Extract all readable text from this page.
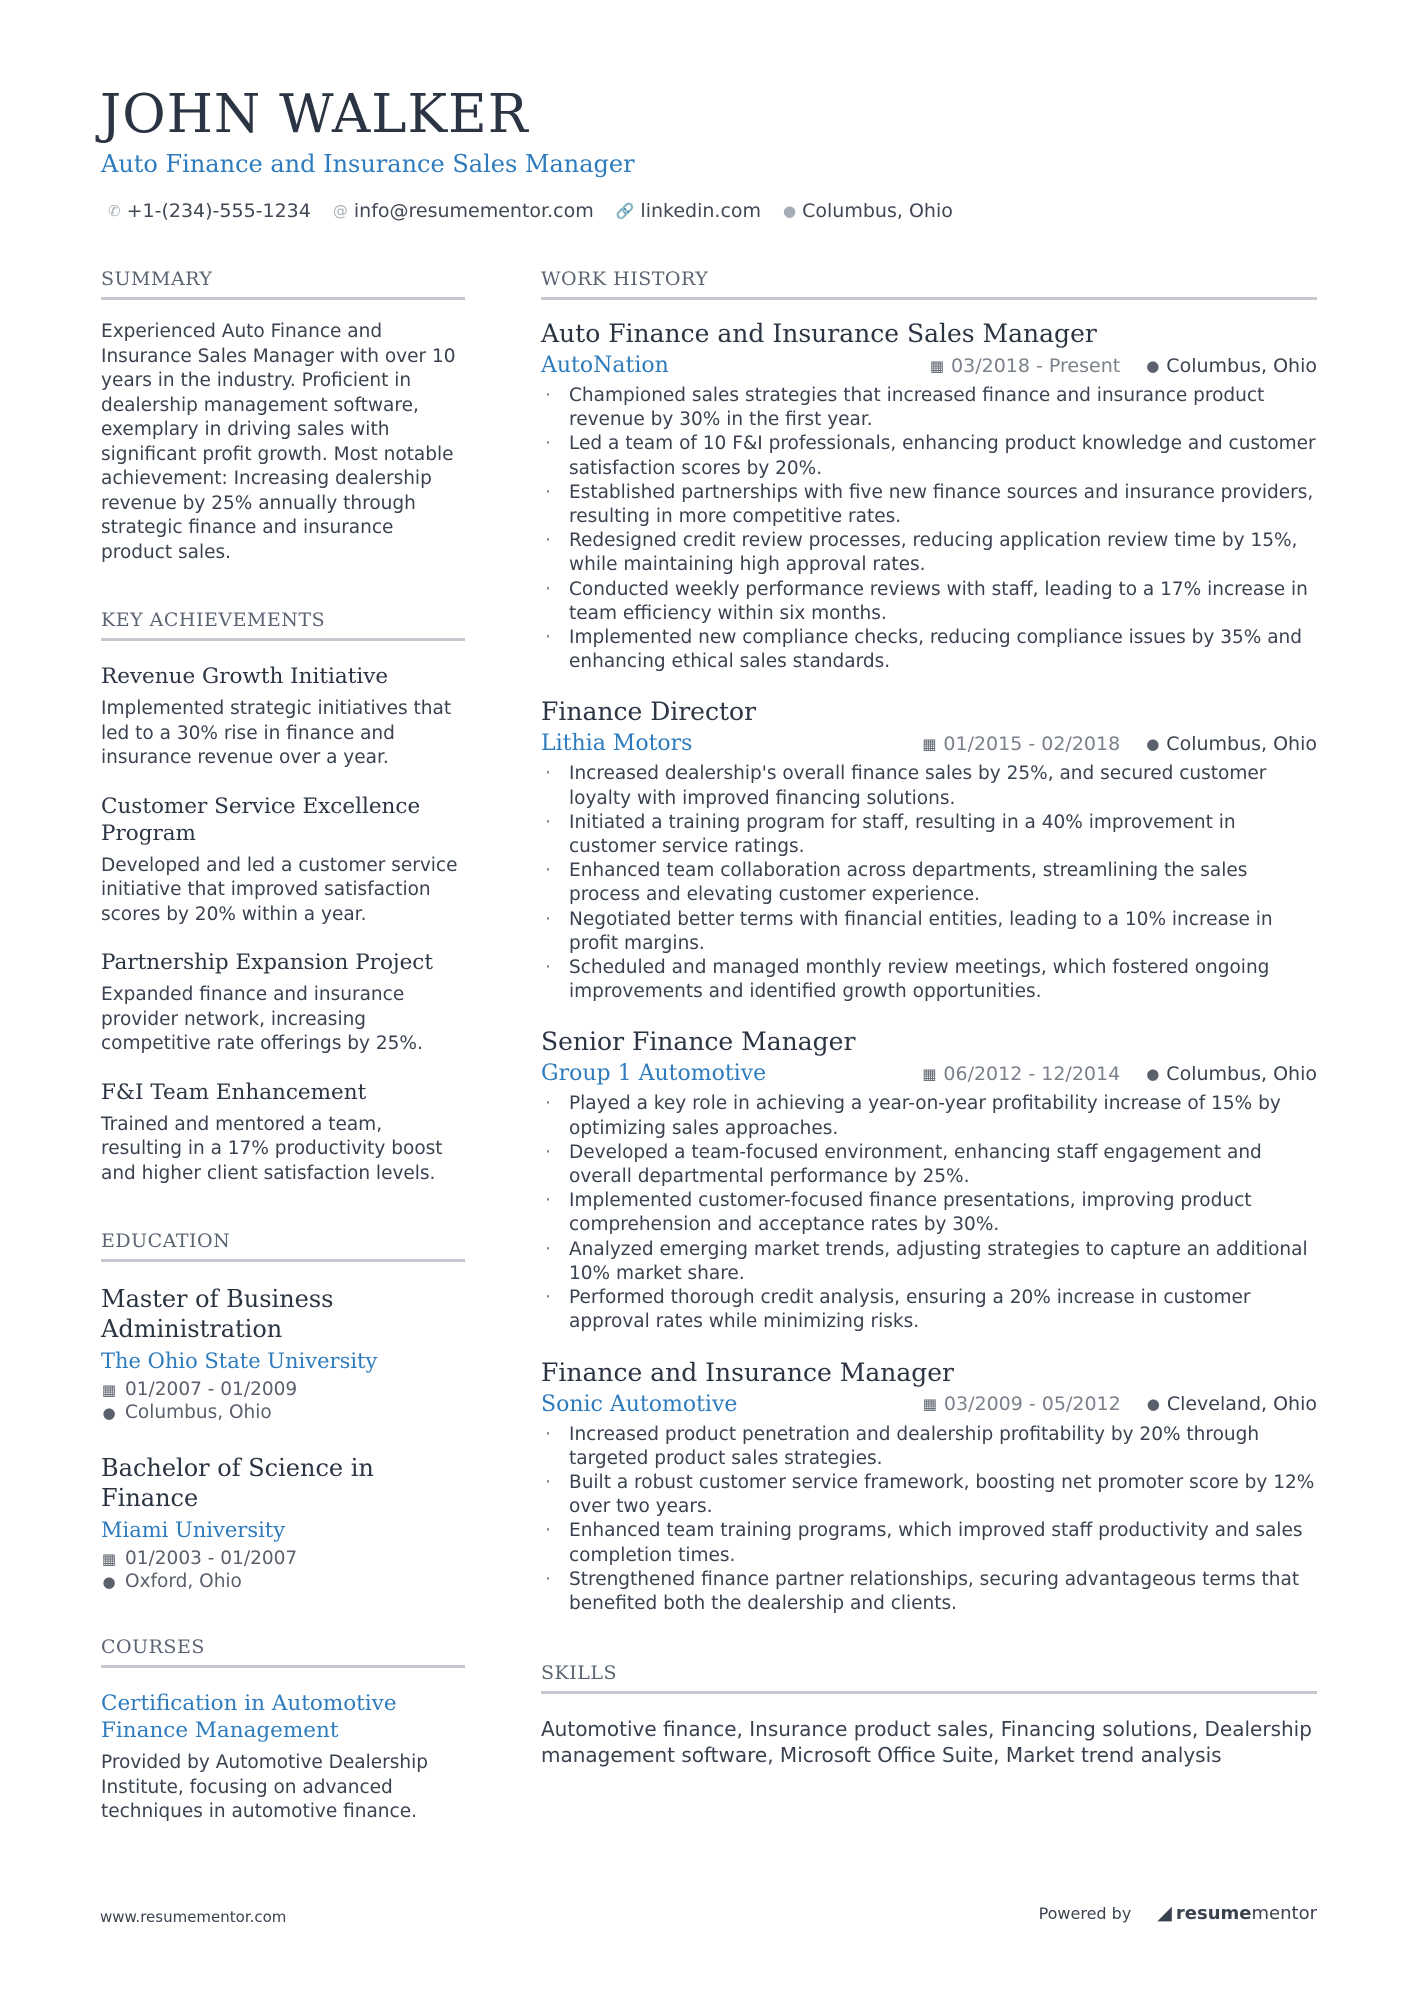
JOHN WALKER
Auto Finance and Insurance Sales Manager
✆ +1-(234)-555-1234 @ info@resumementor.com 🔗 linkedin.com ● Columbus, Ohio
SUMMARY
Experienced Auto Finance and Insurance Sales Manager with over 10 years in the industry. Proficient in dealership management software, exemplary in driving sales with significant profit growth. Most notable achievement: Increasing dealership revenue by 25% annually through strategic finance and insurance product sales.
KEY ACHIEVEMENTS
Revenue Growth Initiative
Implemented strategic initiatives that led to a 30% rise in finance and insurance revenue over a year.
Customer Service Excellence Program
Developed and led a customer service initiative that improved satisfaction scores by 20% within a year.
Partnership Expansion Project
Expanded finance and insurance provider network, increasing competitive rate offerings by 25%.
F&I Team Enhancement
Trained and mentored a team, resulting in a 17% productivity boost and higher client satisfaction levels.
EDUCATION
Master of Business Administration
The Ohio State University
▦ 01/2007 - 01/2009
● Columbus, Ohio
Bachelor of Science in Finance
Miami University
▦ 01/2003 - 01/2007
● Oxford, Ohio
COURSES
Certification in Automotive Finance Management
Provided by Automotive Dealership Institute, focusing on advanced techniques in automotive finance.
WORK HISTORY
Auto Finance and Insurance Sales Manager
AutoNation	▦ 03/2018 - Present ● Columbus, Ohio
· Championed sales strategies that increased finance and insurance product revenue by 30% in the first year.
· Led a team of 10 F&I professionals, enhancing product knowledge and customer satisfaction scores by 20%.
· Established partnerships with five new finance sources and insurance providers, resulting in more competitive rates.
· Redesigned credit review processes, reducing application review time by 15%, while maintaining high approval rates.
· Conducted weekly performance reviews with staff, leading to a 17% increase in team efficiency within six months.
· Implemented new compliance checks, reducing compliance issues by 35% and enhancing ethical sales standards.
Finance Director
Lithia Motors	▦ 01/2015 - 02/2018 ● Columbus, Ohio
· Increased dealership's overall finance sales by 25%, and secured customer loyalty with improved financing solutions.
· Initiated a training program for staff, resulting in a 40% improvement in customer service ratings.
· Enhanced team collaboration across departments, streamlining the sales process and elevating customer experience.
· Negotiated better terms with financial entities, leading to a 10% increase in profit margins.
· Scheduled and managed monthly review meetings, which fostered ongoing improvements and identified growth opportunities.
Senior Finance Manager
Group 1 Automotive	▦ 06/2012 - 12/2014 ● Columbus, Ohio
· Played a key role in achieving a year-on-year profitability increase of 15% by optimizing sales approaches.
· Developed a team-focused environment, enhancing staff engagement and overall departmental performance by 25%.
· Implemented customer-focused finance presentations, improving product comprehension and acceptance rates by 30%.
· Analyzed emerging market trends, adjusting strategies to capture an additional 10% market share.
· Performed thorough credit analysis, ensuring a 20% increase in customer approval rates while minimizing risks.
Finance and Insurance Manager
Sonic Automotive	▦ 03/2009 - 05/2012 ● Cleveland, Ohio
· Increased product penetration and dealership profitability by 20% through targeted product sales strategies.
· Built a robust customer service framework, boosting net promoter score by 12% over two years.
· Enhanced team training programs, which improved staff productivity and sales completion times.
· Strengthened finance partner relationships, securing advantageous terms that benefited both the dealership and clients.
SKILLS
Automotive finance, Insurance product sales, Financing solutions, Dealership management software, Microsoft Office Suite, Market trend analysis
www.resumementor.com	Powered by ◢ resumementor
